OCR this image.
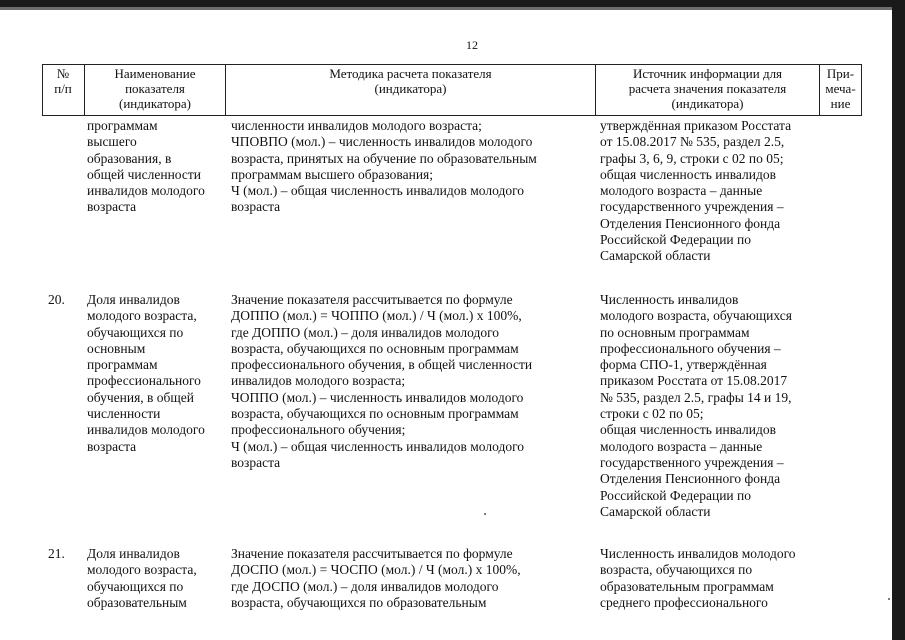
12
№
п/п
Наименование
показателя
(индикатора)
Методика расчета показателя
(индикатора)
Источник информации для
расчета значения показателя
(индикатора)
При-
мечa-
ние
программам
высшего
образования, в
общей численности
инвалидов молодого
возраста
численности инвалидов молодого возраста;
ЧПОВПО (мол.) – численность инвалидов молодого
возраста, принятых на обучение по образовательным
программам высшего образования;
Ч (мол.) – общая численность инвалидов молодого
возраста
утверждённая приказом Росстата
от 15.08.2017 № 535, раздел 2.5,
графы 3, 6, 9, строки с 02 по 05;
общая численность инвалидов
молодого возраста – данные
государственного учреждения –
Отделения Пенсионного фонда
Российской Федерации по
Самарской области
20. Доля инвалидов
молодого возраста,
обучающихся по
основным
программам
профессионального
обучения, в общей
численности
инвалидов молодого
возраста
Значение показателя рассчитывается по формуле
ДОППО (мол.) = ЧОППО (мол.) / Ч (мол.) x 100%,
где ДОППО (мол.) – доля инвалидов молодого
возраста, обучающихся по основным программам
профессионального обучения, в общей численности
инвалидов молодого возраста;
ЧОППО (мол.) – численность инвалидов молодого
возраста, обучающихся по основным программам
профессионального обучения;
Ч (мол.) – общая численность инвалидов молодого
возраста
Численность инвалидов
молодого возраста, обучающихся
по основным программам
профессионального обучения –
форма СПО-1, утверждённая
приказом Росстата от 15.08.2017
№ 535, раздел 2.5, графы 14 и 19,
строки с 02 по 05;
общая численность инвалидов
молодого возраста – данные
государственного учреждения –
Отделения Пенсионного фонда
Российской Федерации по
Самарской области
21. Доля инвалидов
молодого возраста,
обучающихся по
образовательным
Значение показателя рассчитывается по формуле
ДОСПО (мол.) = ЧОСПО (мол.) / Ч (мол.) x 100%,
где ДОСПО (мол.) – доля инвалидов молодого
возраста, обучающихся по образовательным
Численность инвалидов молодого
возраста, обучающихся по
образовательным программам
среднего профессионального
